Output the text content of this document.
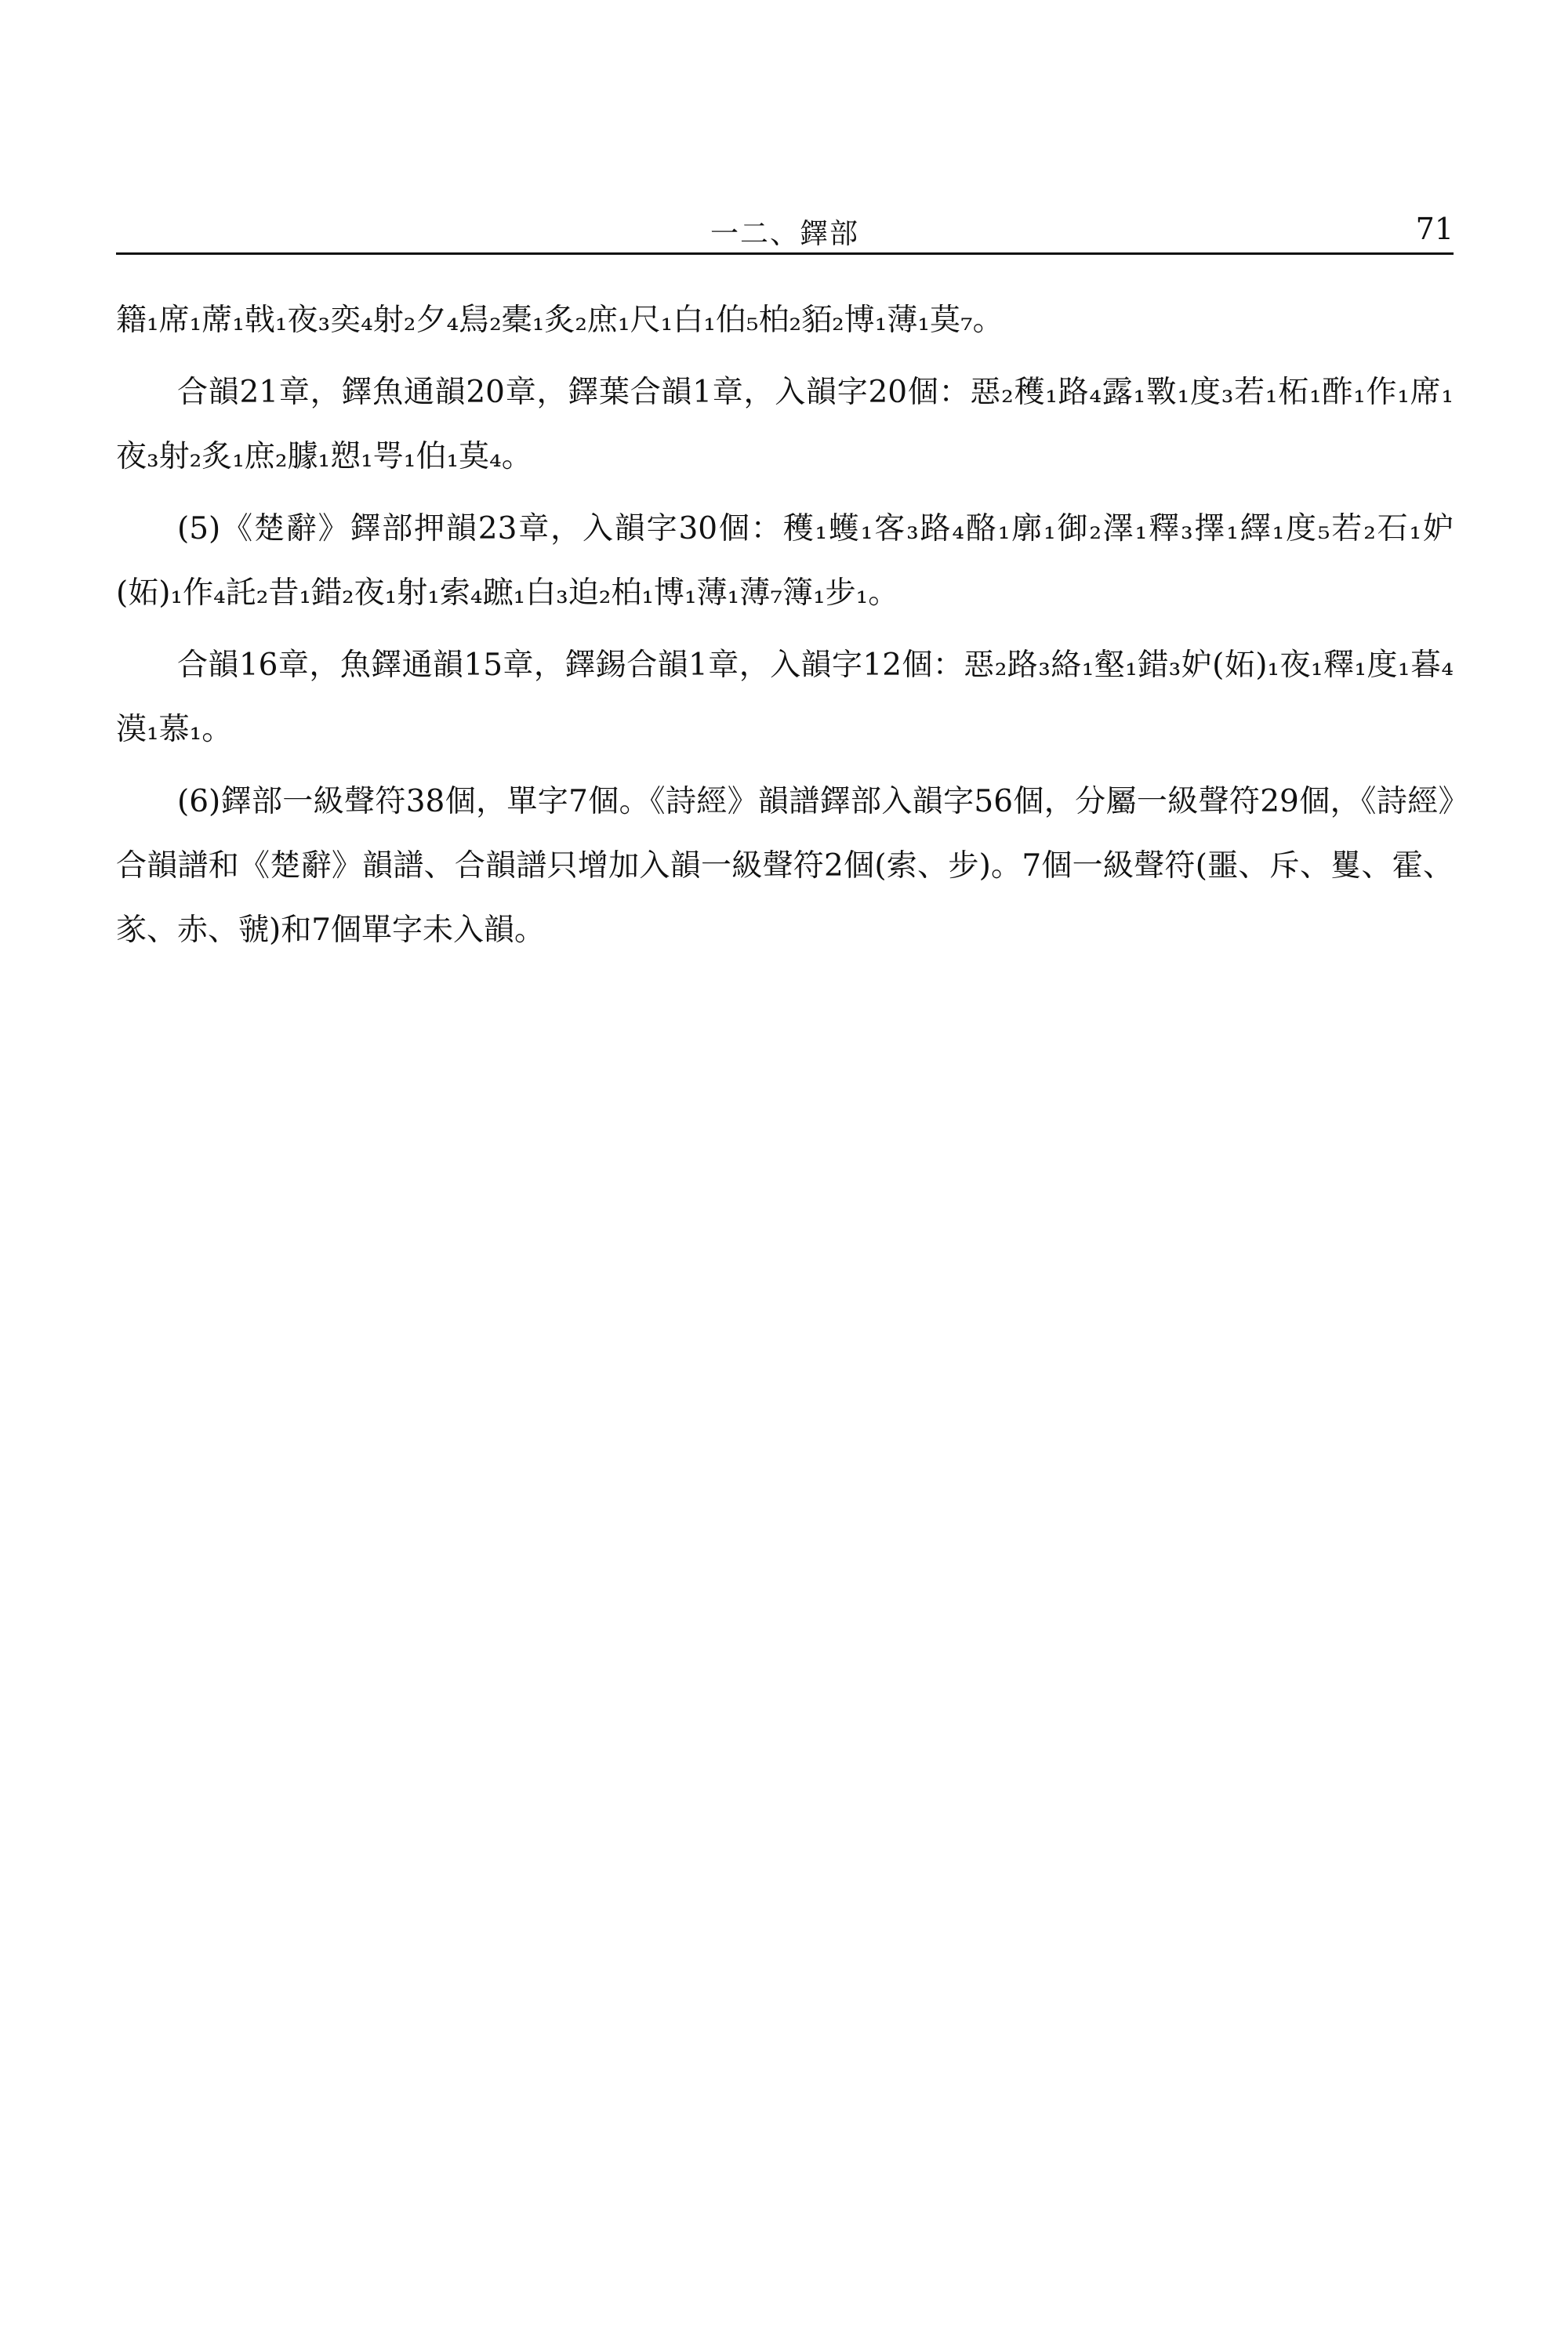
一二、鐸部	71

籍₁席₁蓆₁戟₁夜₃奕₄射₂夕₄舃₂橐₁炙₂庶₁尺₁白₁伯₅柏₂貊₂博₁薄₁莫₇。

合韻21章，鐸魚通韻20章，鐸葉合韻1章，入韻字20個：惡₂穫₁路₄露₁斁₁度₃若₁柘₁酢₁作₁席₁夜₃射₂炙₁庶₂臄₁愬₁咢₁伯₁莫₄。

(5)《楚辭》鐸部押韻23章，入韻字30個：穫₁蠖₁客₃路₄酪₁廓₁御₂澤₁釋₃擇₁繹₁度₅若₂石₁妒(妬)₁作₄託₂昔₁錯₂夜₁射₁索₄蹠₁白₃迫₂柏₁博₁薄₁薄₇簿₁步₁。

合韻16章，魚鐸通韻15章，鐸錫合韻1章，入韻字12個：惡₂路₃絡₁壑₁錯₃妒(妬)₁夜₁釋₁度₁暮₄漠₁慕₁。

(6)鐸部一級聲符38個，單字7個。《詩經》韻譜鐸部入韻字56個，分屬一級聲符29個，《詩經》合韻譜和《楚辭》韻譜、合韻譜只增加入韻一級聲符2個(索、步)。7個一級聲符(噩、斥、矍、霍、㒸、赤、虢)和7個單字未入韻。
